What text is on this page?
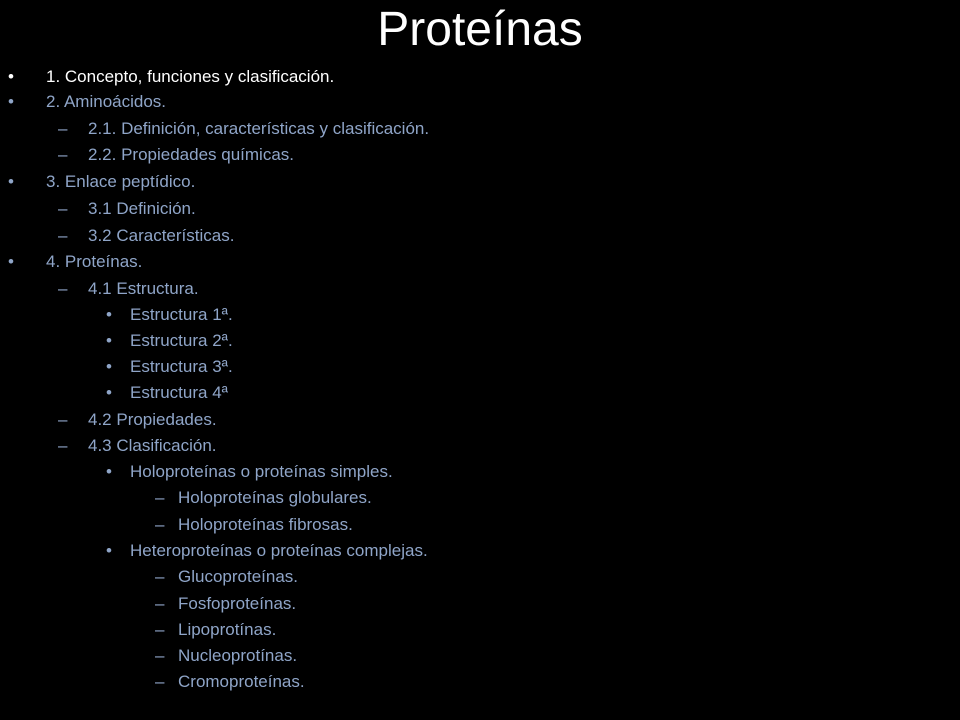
Proteínas
• 1. Concepto, funciones y clasificación.
• 2. Aminoácidos.
– 2.1. Definición, características y clasificación.
– 2.2. Propiedades químicas.
• 3. Enlace peptídico.
– 3.1 Definición.
– 3.2 Características.
• 4. Proteínas.
– 4.1 Estructura.
• Estructura 1ª.
• Estructura 2ª.
• Estructura 3ª.
• Estructura 4ª
– 4.2 Propiedades.
– 4.3 Clasificación.
• Holoproteínas o proteínas simples.
– Holoproteínas globulares.
– Holoproteínas fibrosas.
• Heteroproteínas o proteínas complejas.
– Glucoproteínas.
– Fosfoproteínas.
– Lipoprotínas.
– Nucleoprotínas.
– Cromoproteínas.
